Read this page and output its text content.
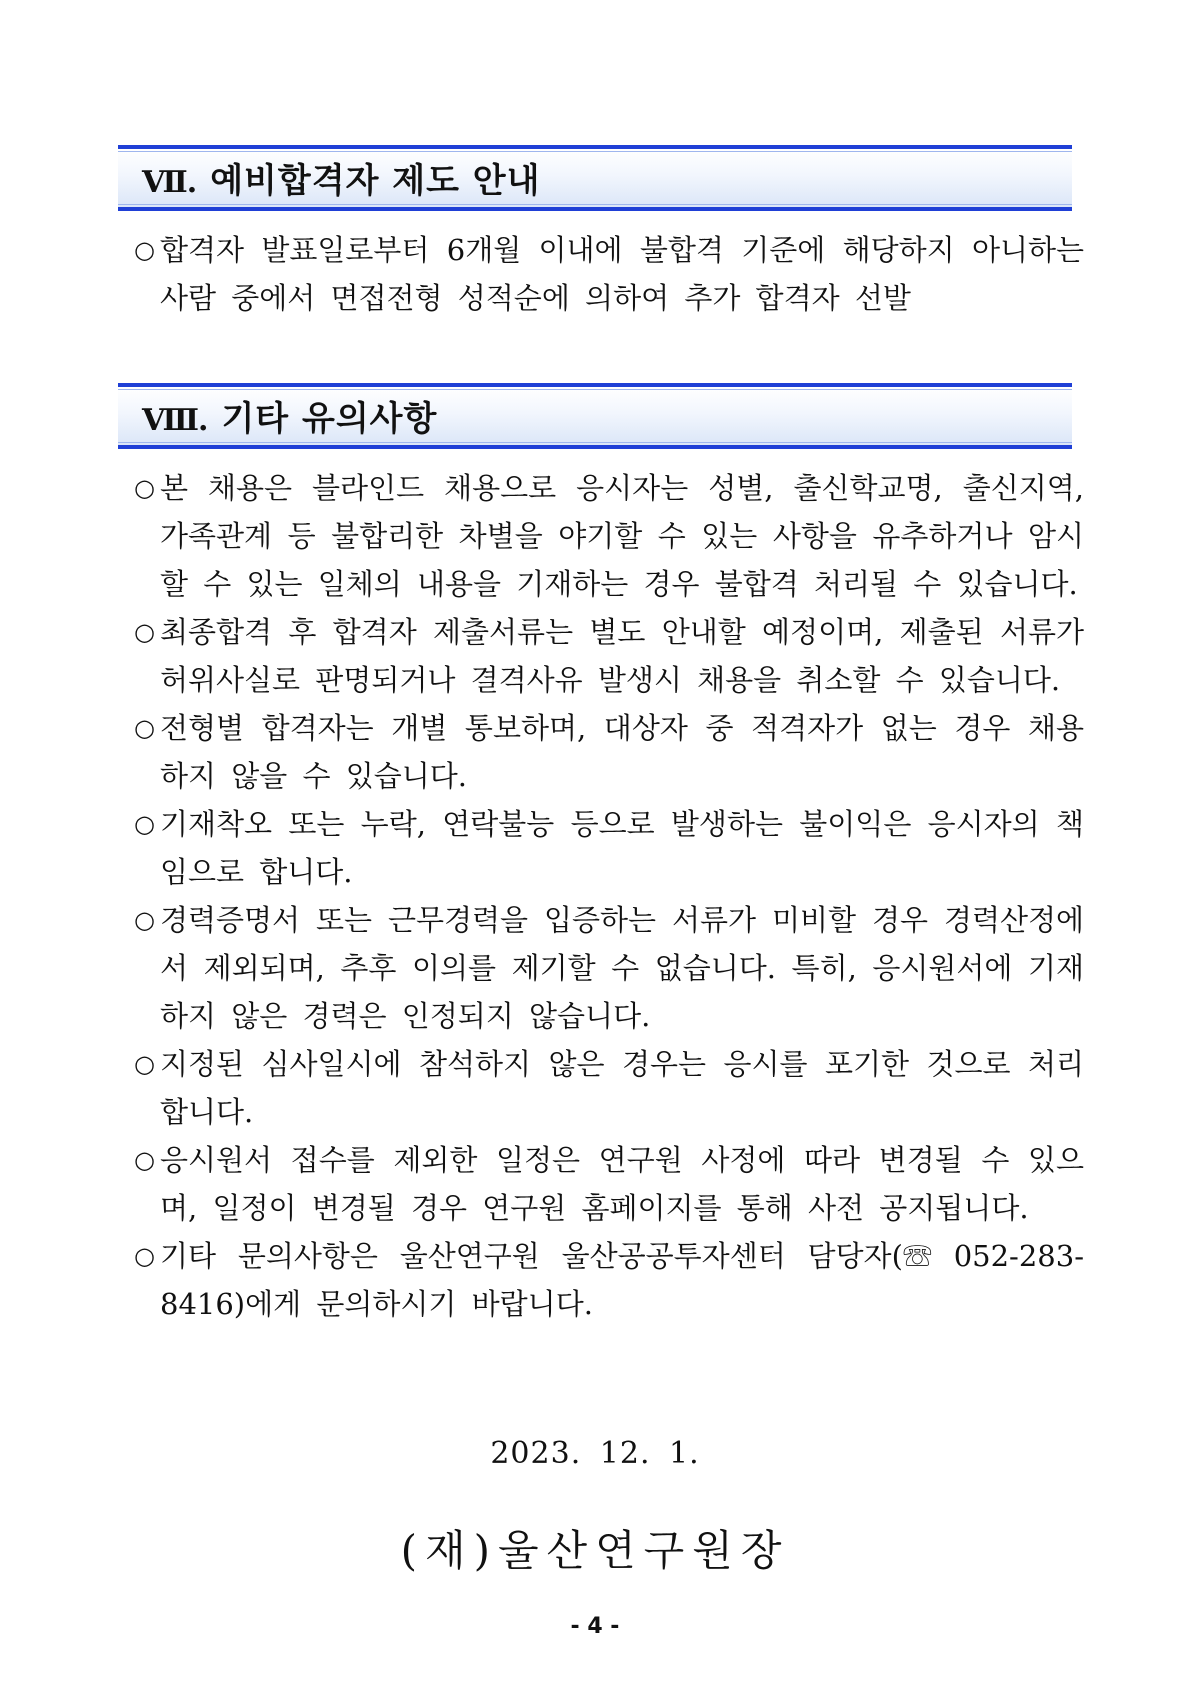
Ⅶ. 예비합격자 제도 안내
○ 합격자 발표일로부터 6개월 이내에 불합격 기준에 해당하지 아니하는 사람 중에서 면접전형 성적순에 의하여 추가 합격자 선발
Ⅷ. 기타 유의사항
○ 본 채용은 블라인드 채용으로 응시자는 성별, 출신학교명, 출신지역, 가족관계 등 불합리한 차별을 야기할 수 있는 사항을 유추하거나 암시할 수 있는 일체의 내용을 기재하는 경우 불합격 처리될 수 있습니다.
○ 최종합격 후 합격자 제출서류는 별도 안내할 예정이며, 제출된 서류가 허위사실로 판명되거나 결격사유 발생시 채용을 취소할 수 있습니다.
○ 전형별 합격자는 개별 통보하며, 대상자 중 적격자가 없는 경우 채용하지 않을 수 있습니다.
○ 기재착오 또는 누락, 연락불능 등으로 발생하는 불이익은 응시자의 책임으로 합니다.
○ 경력증명서 또는 근무경력을 입증하는 서류가 미비할 경우 경력산정에서 제외되며, 추후 이의를 제기할 수 없습니다. 특히, 응시원서에 기재하지 않은 경력은 인정되지 않습니다.
○ 지정된 심사일시에 참석하지 않은 경우는 응시를 포기한 것으로 처리합니다.
○ 응시원서 접수를 제외한 일정은 연구원 사정에 따라 변경될 수 있으며, 일정이 변경될 경우 연구원 홈페이지를 통해 사전 공지됩니다.
○ 기타 문의사항은 울산연구원 울산공공투자센터 담당자(☏ 052-283-8416)에게 문의하시기 바랍니다.
2023. 12. 1.
(재)울산연구원장
- 4 -
